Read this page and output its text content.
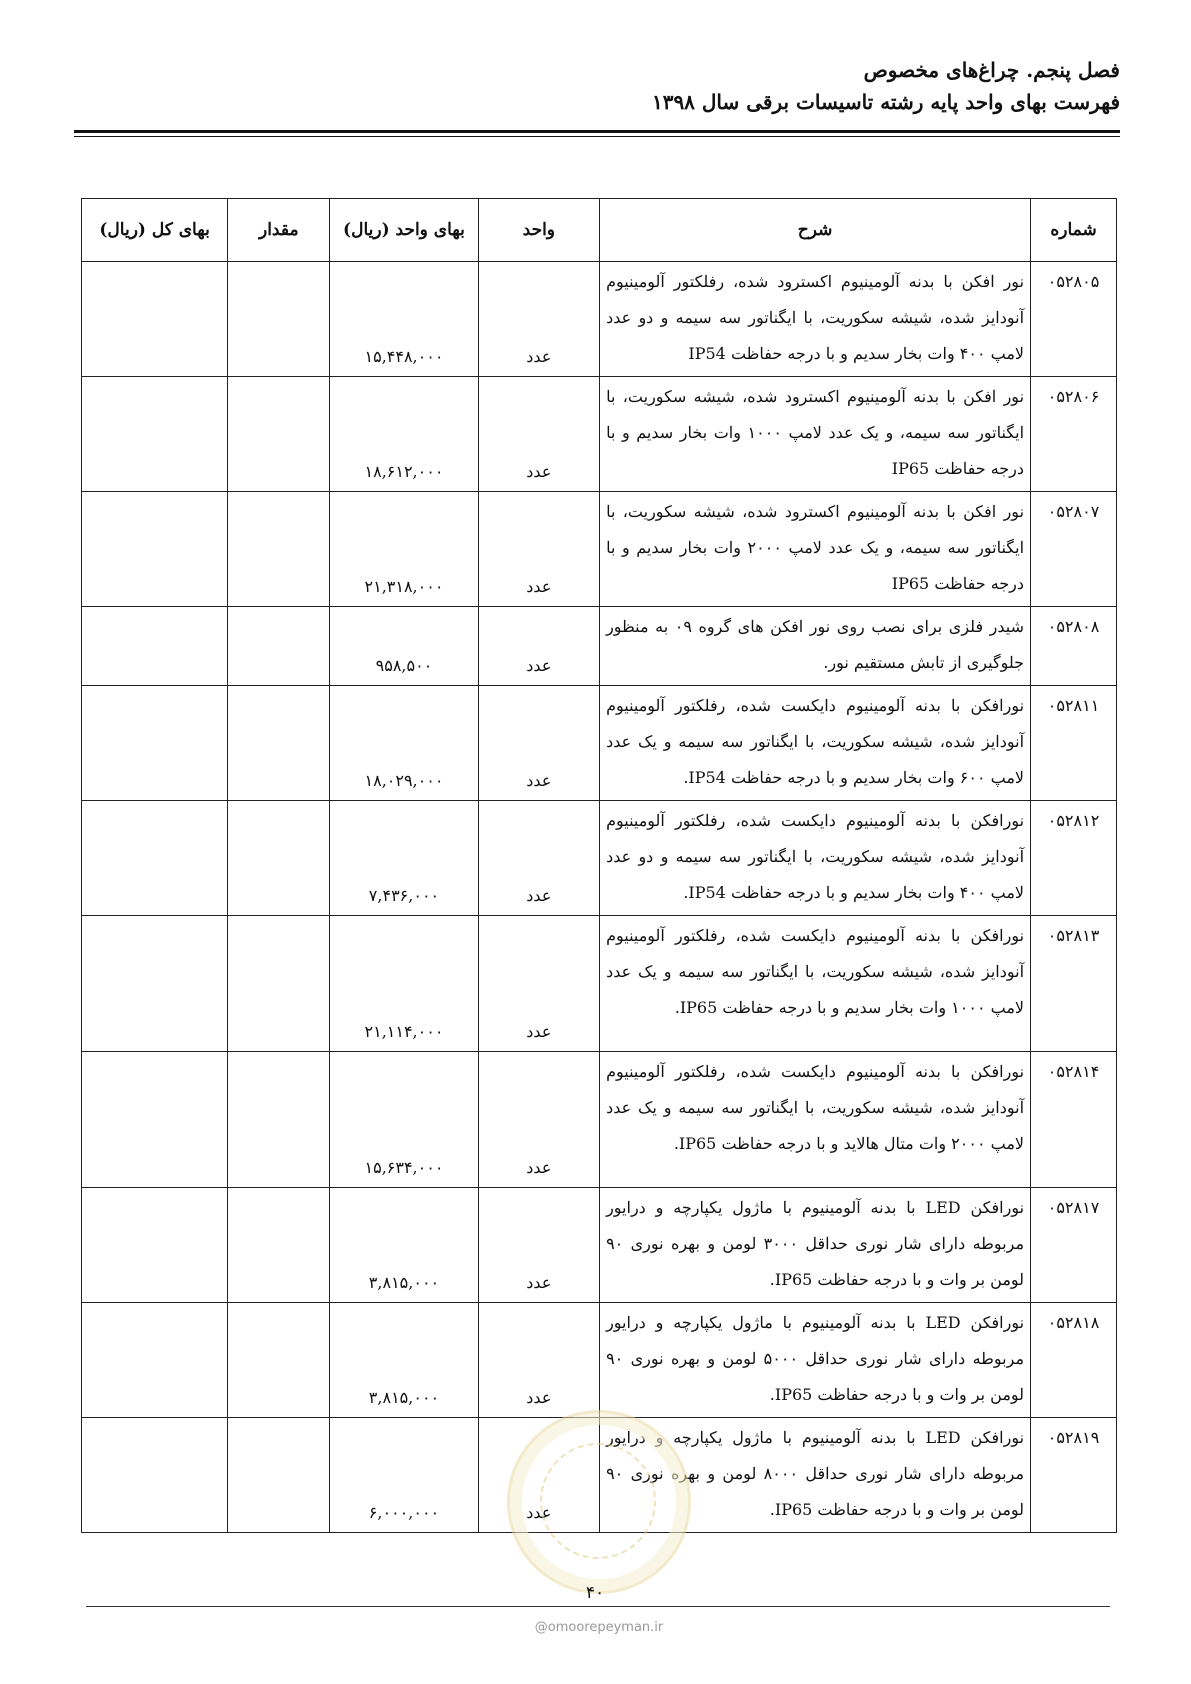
فصل پنجم. چراغ‌های مخصوص
فهرست بهای واحد پایه رشته تاسیسات برقی سال ۱۳۹۸
شماره	شرح	واحد	بهای واحد (ریال)	مقدار	بهای کل (ریال)
۰۵۲۸۰۵	نور افکن با بدنه آلومینیوم اکسترود شده، رفلکتور آلومینیوم آنودایز شده، شیشه سکوریت، با ایگناتور سه سیمه و دو عدد لامپ ۴۰۰ وات بخار سدیم و با درجه حفاظت IP54	عدد	۱۵,۴۴۸,۰۰۰		
۰۵۲۸۰۶	نور افکن با بدنه آلومینیوم اکسترود شده، شیشه سکوریت، با ایگناتور سه سیمه، و یک عدد لامپ ۱۰۰۰ وات بخار سدیم و با درجه حفاظت IP65	عدد	۱۸,۶۱۲,۰۰۰		
۰۵۲۸۰۷	نور افکن با بدنه آلومینیوم اکسترود شده، شیشه سکوریت، با ایگناتور سه سیمه، و یک عدد لامپ ۲۰۰۰ وات بخار سدیم و با درجه حفاظت IP65	عدد	۲۱,۳۱۸,۰۰۰		
۰۵۲۸۰۸	شیدر فلزی برای نصب روی نور افکن های گروه ۰۹ به منظور جلوگیری از تابش مستقیم نور.	عدد	۹۵۸,۵۰۰		
۰۵۲۸۱۱	نورافکن با بدنه آلومینیوم دایکست شده، رفلکتور آلومینیوم آنودایز شده، شیشه سکوریت، با ایگناتور سه سیمه و یک عدد لامپ ۶۰۰ وات بخار سدیم و با درجه حفاظت IP54.	عدد	۱۸,۰۲۹,۰۰۰		
۰۵۲۸۱۲	نورافکن با بدنه آلومینیوم دایکست شده، رفلکتور آلومینیوم آنودایز شده، شیشه سکوریت، با ایگناتور سه سیمه و دو عدد لامپ ۴۰۰ وات بخار سدیم و با درجه حفاظت IP54.	عدد	۷,۴۳۶,۰۰۰		
۰۵۲۸۱۳	نورافکن با بدنه آلومینیوم دایکست شده، رفلکتور آلومینیوم آنودایز شده، شیشه سکوریت، با ایگناتور سه سیمه و یک عدد لامپ ۱۰۰۰ وات بخار سدیم و با درجه حفاظت IP65.	عدد	۲۱,۱۱۴,۰۰۰		
۰۵۲۸۱۴	نورافکن با بدنه آلومینیوم دایکست شده، رفلکتور آلومینیوم آنودایز شده، شیشه سکوریت، با ایگناتور سه سیمه و یک عدد لامپ ۲۰۰۰ وات متال هالاید و با درجه حفاظت IP65.	عدد	۱۵,۶۳۴,۰۰۰		
۰۵۲۸۱۷	نورافکن LED با بدنه آلومینیوم با ماژول یکپارچه و درایور مربوطه دارای شار نوری حداقل ۳۰۰۰ لومن و بهره نوری ۹۰ لومن بر وات و با درجه حفاظت IP65.	عدد	۳,۸۱۵,۰۰۰		
۰۵۲۸۱۸	نورافکن LED با بدنه آلومینیوم با ماژول یکپارچه و درایور مربوطه دارای شار نوری حداقل ۵۰۰۰ لومن و بهره نوری ۹۰ لومن بر وات و با درجه حفاظت IP65.	عدد	۳,۸۱۵,۰۰۰		
۰۵۲۸۱۹	نورافکن LED با بدنه آلومینیوم با ماژول یکپارچه و درایور مربوطه دارای شار نوری حداقل ۸۰۰۰ لومن و بهره نوری ۹۰ لومن بر وات و با درجه حفاظت IP65.	عدد	۶,۰۰۰,۰۰۰		
۴۰
@omoorepeyman.ir
